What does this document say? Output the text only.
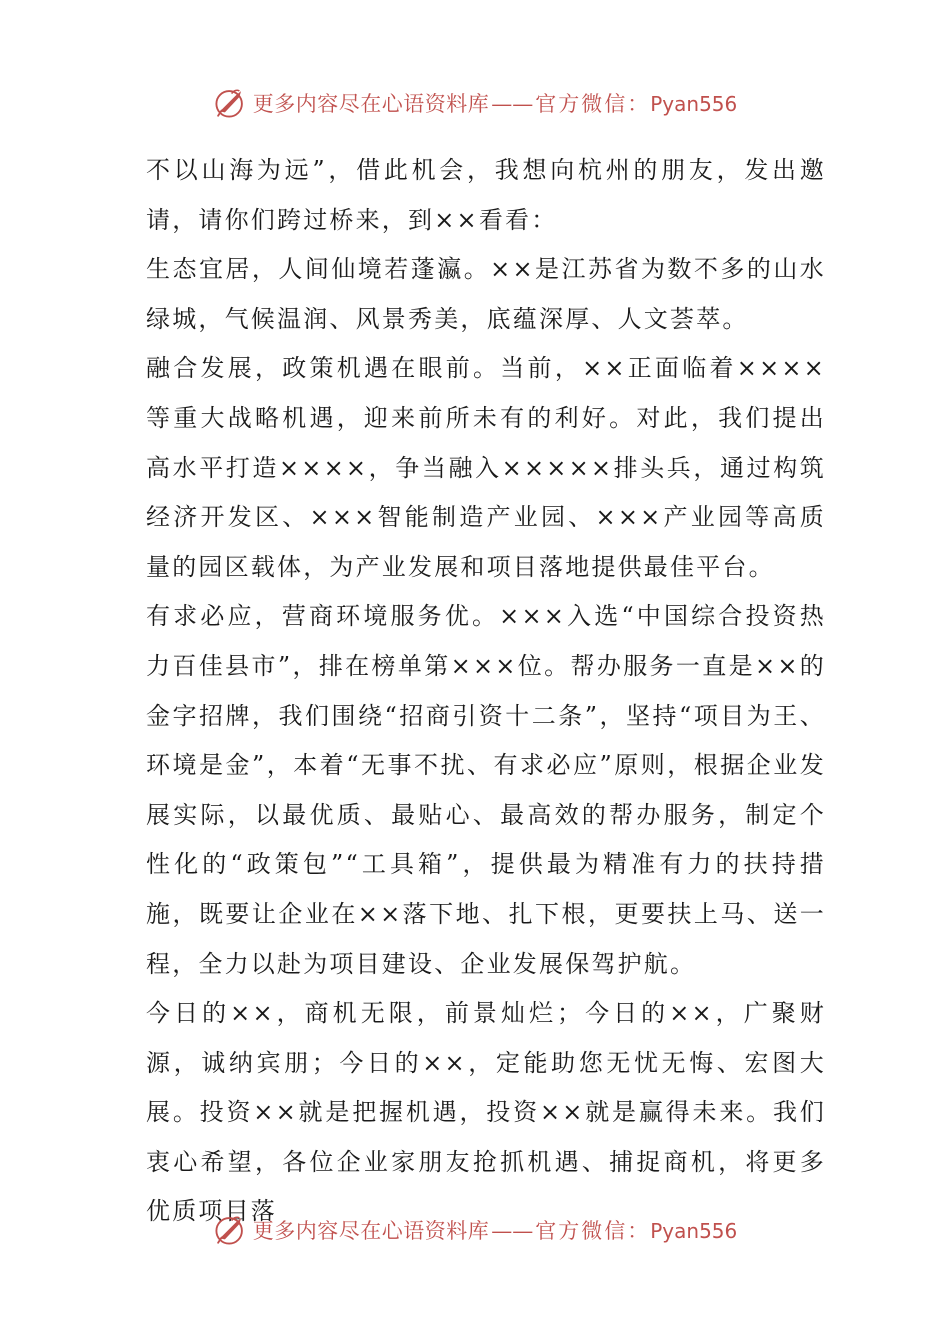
更多内容尽在心语资料库 —— 官方微信： Pyan556

不以山海为远”，借此机会，我想向杭州的朋友，发出邀请，请你们跨过桥来，到××看看：

生态宜居，人间仙境若蓬瀛。××是江苏省为数不多的山水绿城，气候温润、风景秀美，底蕴深厚、人文荟萃。

融合发展，政策机遇在眼前。当前，××正面临着××××等重大战略机遇，迎来前所未有的利好。对此，我们提出高水平打造××××，争当融入×××××排头兵，通过构筑经济开发区、×××智能制造产业园、×××产业园等高质量的园区载体，为产业发展和项目落地提供最佳平台。

有求必应，营商环境服务优。×××入选“中国综合投资热力百佳县市”，排在榜单第×××位。帮办服务一直是××的金字招牌，我们围绕“招商引资十二条”，坚持“项目为王、环境是金”，本着“无事不扰、有求必应”原则，根据企业发展实际，以最优质、最贴心、最高效的帮办服务，制定个性化的“政策包”“工具箱”，提供最为精准有力的扶持措施，既要让企业在××落下地、扎下根，更要扶上马、送一程，全力以赴为项目建设、企业发展保驾护航。

今日的××，商机无限，前景灿烂；今日的××，广聚财源，诚纳宾朋；今日的××，定能助您无忧无悔、宏图大展。投资××就是把握机遇，投资××就是赢得未来。我们衷心希望，各位企业家朋友抢抓机遇、捕捉商机，将更多优质项目落

更多内容尽在心语资料库 —— 官方微信： Pyan556
